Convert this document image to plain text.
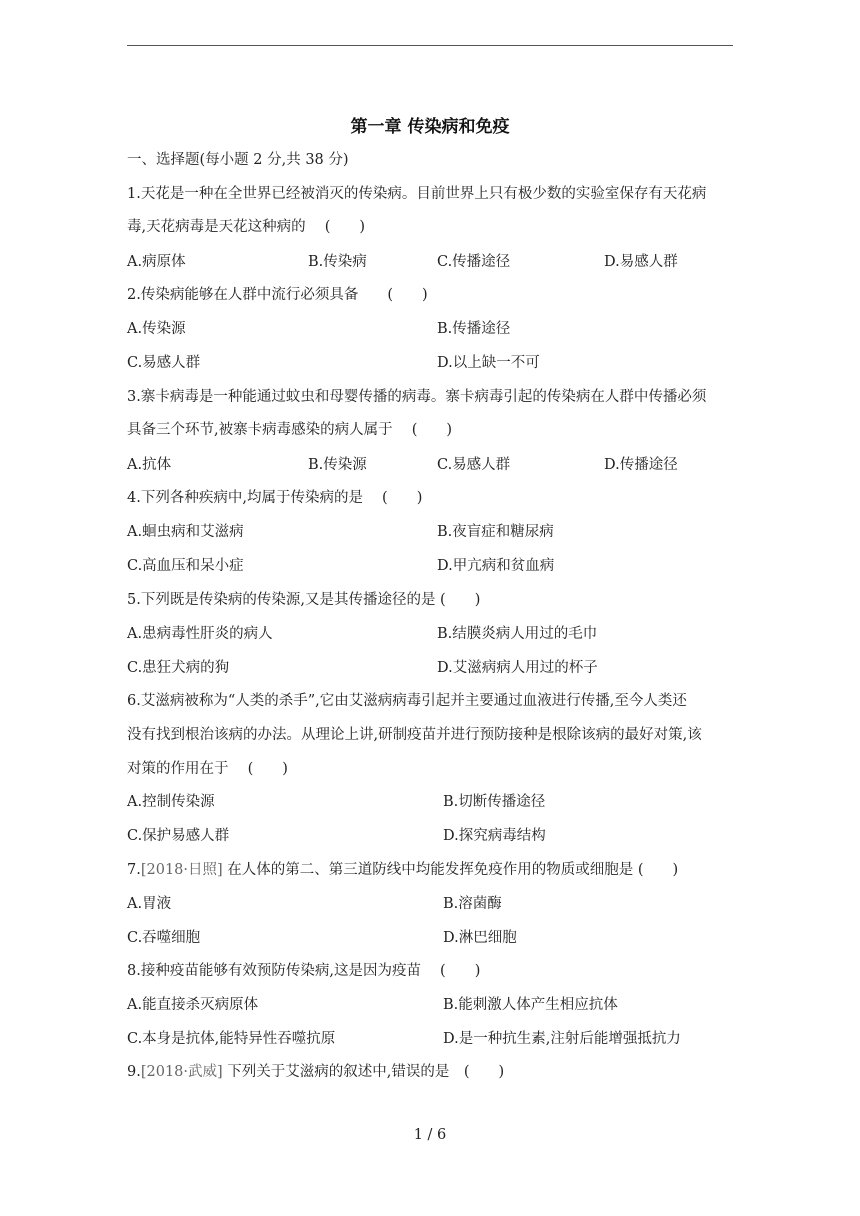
第一章 传染病和免疫
一、选择题(每小题 2 分,共 38 分)
1.天花是一种在全世界已经被消灭的传染病。目前世界上只有极少数的实验室保存有天花病
毒,天花病毒是天花这种病的　 (　　)
A.病原体	B.传染病	C.传播途径	D.易感人群
2.传染病能够在人群中流行必须具备　　(　　)
A.传染源	B.传播途径
C.易感人群	D.以上缺一不可
3.寨卡病毒是一种能通过蚊虫和母婴传播的病毒。寨卡病毒引起的传染病在人群中传播必须
具备三个环节,被寨卡病毒感染的病人属于　 (　　)
A.抗体	B.传染源	C.易感人群	D.传播途径
4.下列各种疾病中,均属于传染病的是　 (　　)
A.蛔虫病和艾滋病	B.夜盲症和糖尿病
C.高血压和呆小症	D.甲亢病和贫血病
5.下列既是传染病的传染源,又是其传播途径的是 (　　)
A.患病毒性肝炎的病人	B.结膜炎病人用过的毛巾
C.患狂犬病的狗	D.艾滋病病人用过的杯子
6.艾滋病被称为“人类的杀手”,它由艾滋病病毒引起并主要通过血液进行传播,至今人类还
没有找到根治该病的办法。从理论上讲,研制疫苗并进行预防接种是根除该病的最好对策,该
对策的作用在于　 (　　)
A.控制传染源	B.切断传播途径
C.保护易感人群	D.探究病毒结构
7.[2018·日照] 在人体的第二、第三道防线中均能发挥免疫作用的物质或细胞是 (　　)
A.胃液	B.溶菌酶
C.吞噬细胞	D.淋巴细胞
8.接种疫苗能够有效预防传染病,这是因为疫苗　 (　　)
A.能直接杀灭病原体	B.能刺激人体产生相应抗体
C.本身是抗体,能特异性吞噬抗原	D.是一种抗生素,注射后能增强抵抗力
9.[2018·武威] 下列关于艾滋病的叙述中,错误的是　(　　)
1 / 6
